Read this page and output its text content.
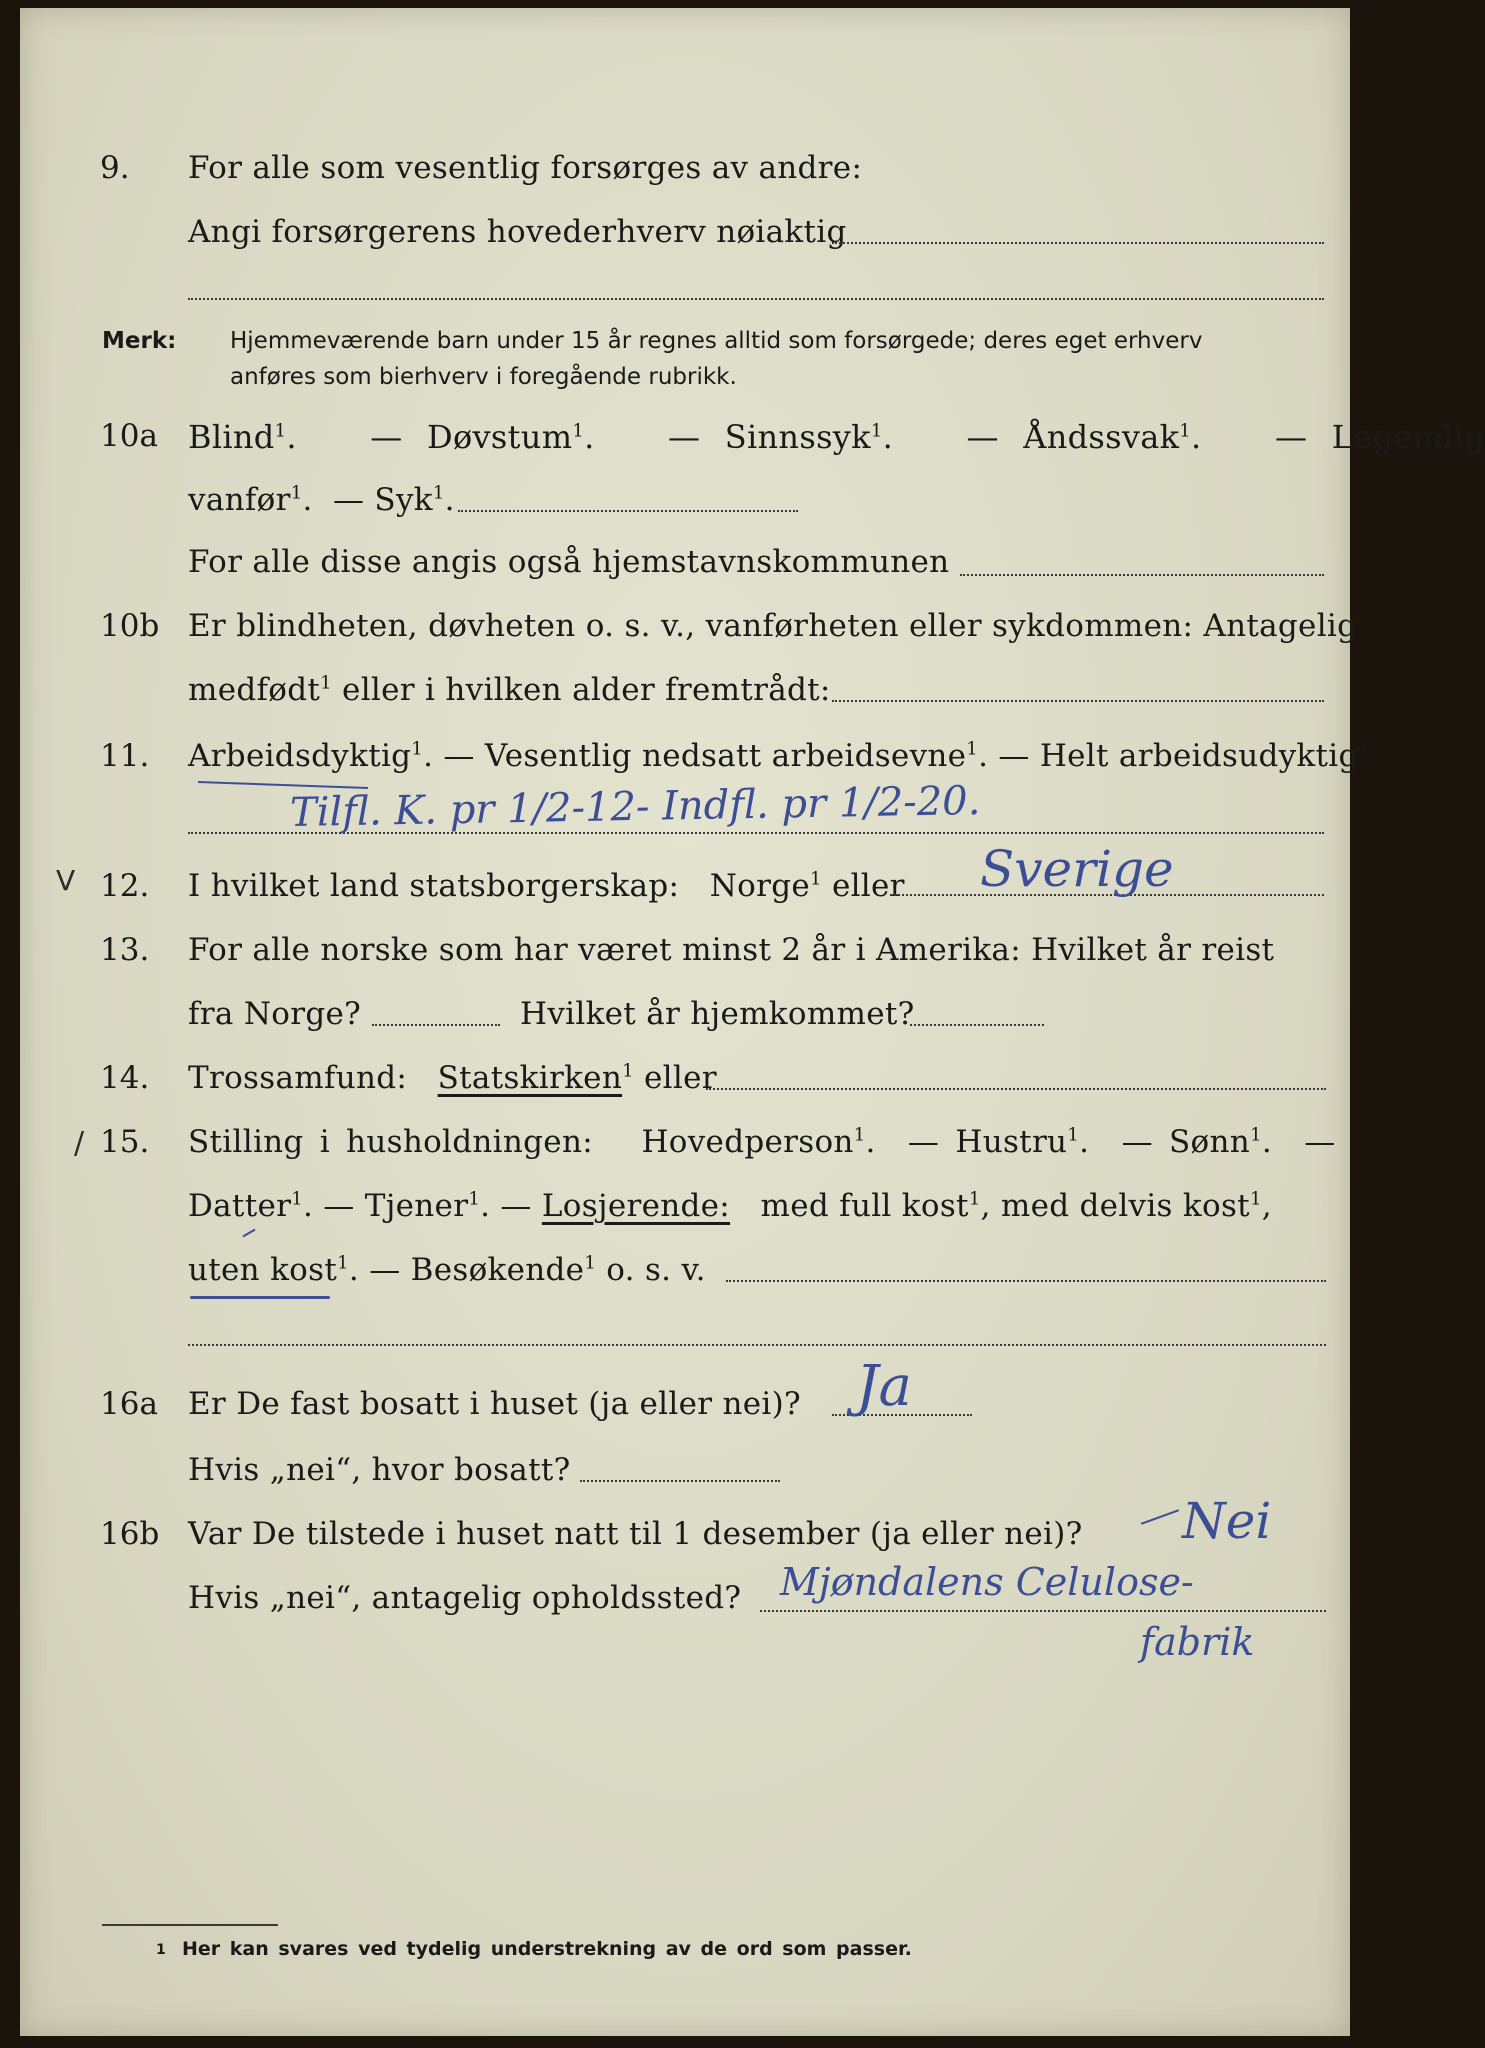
9. For alle som vesentlig forsørges av andre:
Angi forsørgerens hovederhverv nøiaktig
Merk: Hjemmeværende barn under 15 år regnes alltid som forsørgede; deres eget erhverv
anføres som bierhverv i foregående rubrikk.
10a Blind$^1$.   — Døvstum$^1$.   — Sinnssyk$^1$.   — Åndssvak$^1$.   — Legemlig
vanfør$^1$.  — Syk$^1$.
For alle disse angis også hjemstavnskommunen
10b Er blindheten, døvheten o. s. v., vanførheten eller sykdommen: Antagelig
medfødt$^1$ eller i hvilken alder fremtrådt:
11. Arbeidsdyktig$^1$. — Vesentlig nedsatt arbeidsevne$^1$. — Helt arbeidsudyktig$^1$.
Tilfl. K. pr 1/2-12- Indfl. pr 1/2-20.
V 12. I hvilket land statsborgerskap: Norge$^1$ eller Sverige
13. For alle norske som har været minst 2 år i Amerika: Hvilket år reist
fra Norge?	Hvilket år hjemkommet?
14. Trossamfund: Statskirken$^1$ eller
/ 15. Stilling i husholdningen: Hovedperson$^1$.  — Hustru$^1$.  — Sønn$^1$.  —
Datter$^1$. — Tjener$^1$. — Losjerende: med full kost$^1$, med delvis kost$^1$,
uten kost$^1$. — Besøkende$^1$ o. s. v.
16a Er De fast bosatt i huset (ja eller nei)? Ja
Hvis „nei“, hvor bosatt?
16b Var De tilstede i huset natt til 1 desember (ja eller nei)? Nei
Hvis „nei“, antagelig opholdssted? Mjøndalens Celulose-
fabrik
1 Her kan svares ved tydelig understrekning av de ord som passer.
